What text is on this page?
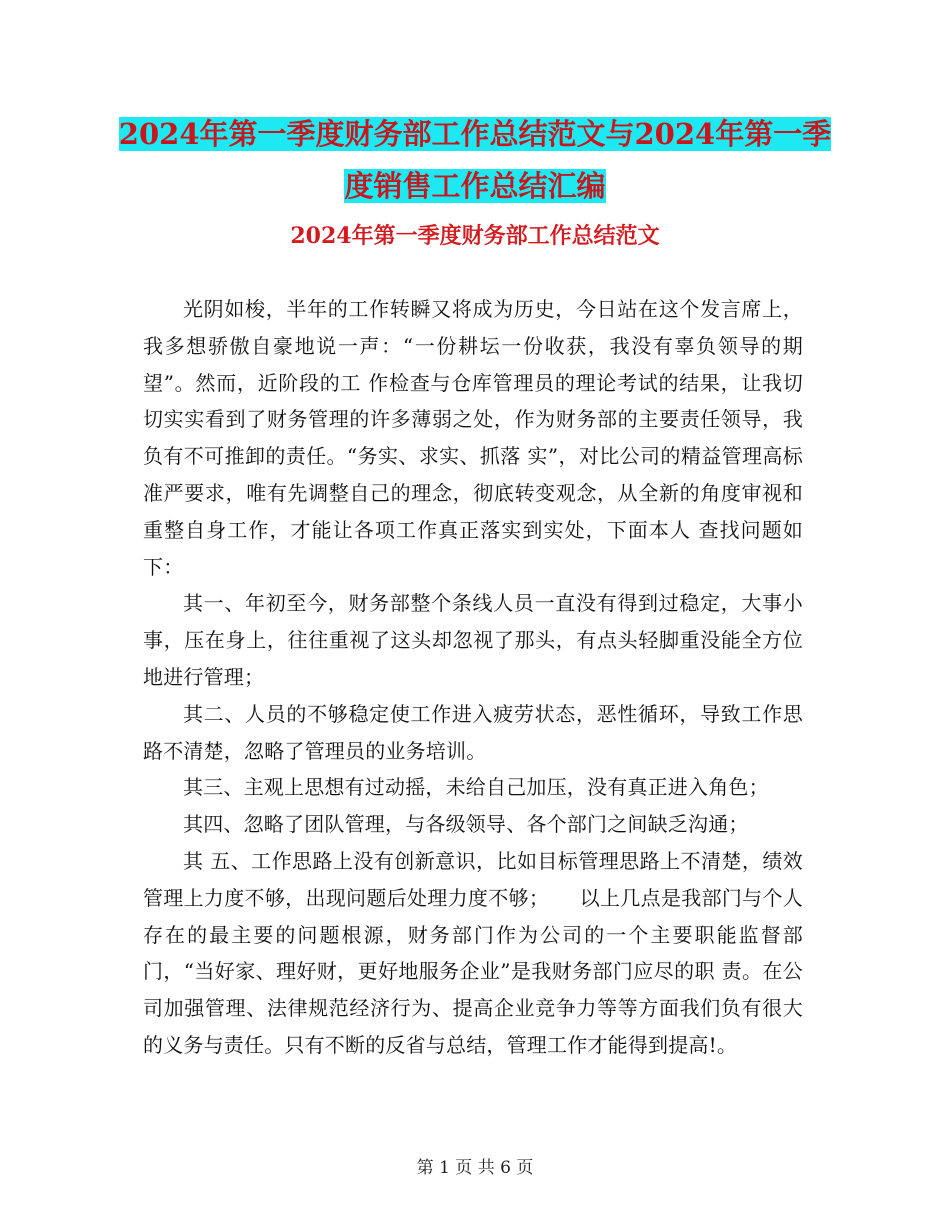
2024年第一季度财务部工作总结范文与2024年第一季
度销售工作总结汇编
2024年第一季度财务部工作总结范文

光阴如梭，半年的工作转瞬又将成为历史，今日站在这个发言席上，我多想骄傲自豪地说一声：“一份耕坛一份收获，我没有辜负领导的期望”。然而，近阶段的工 作检查与仓库管理员的理论考试的结果，让我切切实实看到了财务管理的许多薄弱之处，作为财务部的主要责任领导，我负有不可推卸的责任。“务实、求实、抓落 实”，对比公司的精益管理高标准严要求，唯有先调整自己的理念，彻底转变观念，从全新的角度审视和重整自身工作，才能让各项工作真正落实到实处，下面本人 查找问题如下：

其一、年初至今，财务部整个条线人员一直没有得到过稳定，大事小事，压在身上，往往重视了这头却忽视了那头，有点头轻脚重没能全方位地进行管理；

其二、人员的不够稳定使工作进入疲劳状态，恶性循环，导致工作思路不清楚，忽略了管理员的业务培训。

其三、主观上思想有过动摇，未给自己加压，没有真正进入角色；

其四、忽略了团队管理，与各级领导、各个部门之间缺乏沟通；

其 五、工作思路上没有创新意识，比如目标管理思路上不清楚，绩效管理上力度不够，出现问题后处理力度不够；　　以上几点是我部门与个人存在的最主要的问题根源，财务部门作为公司的一个主要职能监督部门，“当好家、理好财，更好地服务企业”是我财务部门应尽的职 责。在公司加强管理、法律规范经济行为、提高企业竞争力等等方面我们负有很大的义务与责任。只有不断的反省与总结，管理工作才能得到提高!。

第 1 页 共 6 页
